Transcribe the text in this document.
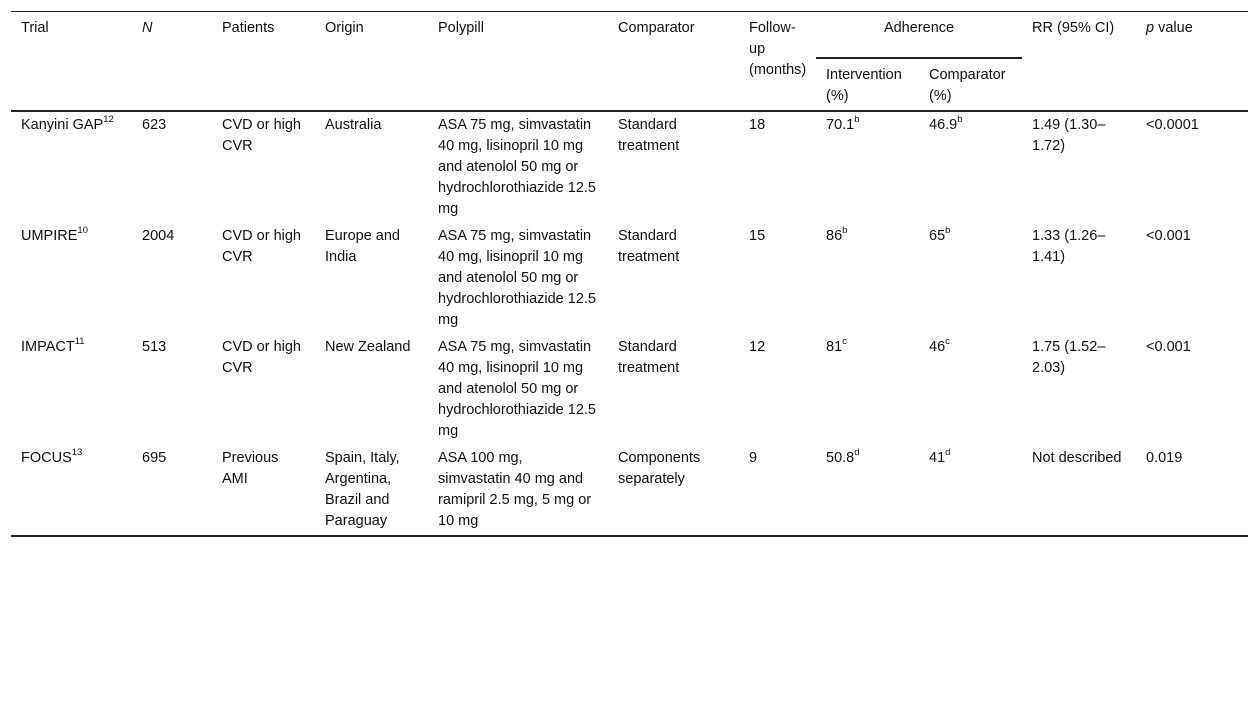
Trial	N	Patients	Origin	Polypill	Comparator	Follow-up (months)	Adherence		RR (95% CI)	p value
							Intervention (%)	Comparator (%)		
Kanyini GAP$^{12}$	623	CVD or high CVR	Australia	ASA 75 mg, simvastatin 40 mg, lisinopril 10 mg and atenolol 50 mg or hydrochlorothiazide 12.5 mg	Standard treatment	18	70.1$^b$	46.9$^b$	1.49 (1.30–1.72)	<0.0001
UMPIRE$^{10}$	2004	CVD or high CVR	Europe and India	ASA 75 mg, simvastatin 40 mg, lisinopril 10 mg and atenolol 50 mg or hydrochlorothiazide 12.5 mg	Standard treatment	15	86$^b$	65$^b$	1.33 (1.26–1.41)	<0.001
IMPACT$^{11}$	513	CVD or high CVR	New Zealand	ASA 75 mg, simvastatin 40 mg, lisinopril 10 mg and atenolol 50 mg or hydrochlorothiazide 12.5 mg	Standard treatment	12	81$^c$	46$^c$	1.75 (1.52–2.03)	<0.001
FOCUS$^{13}$	695	Previous AMI	Spain, Italy, Argentina, Brazil and Paraguay	ASA 100 mg, simvastatin 40 mg and ramipril 2.5 mg, 5 mg or 10 mg	Components separately	9	50.8$^d$	41$^d$	Not described	0.019
